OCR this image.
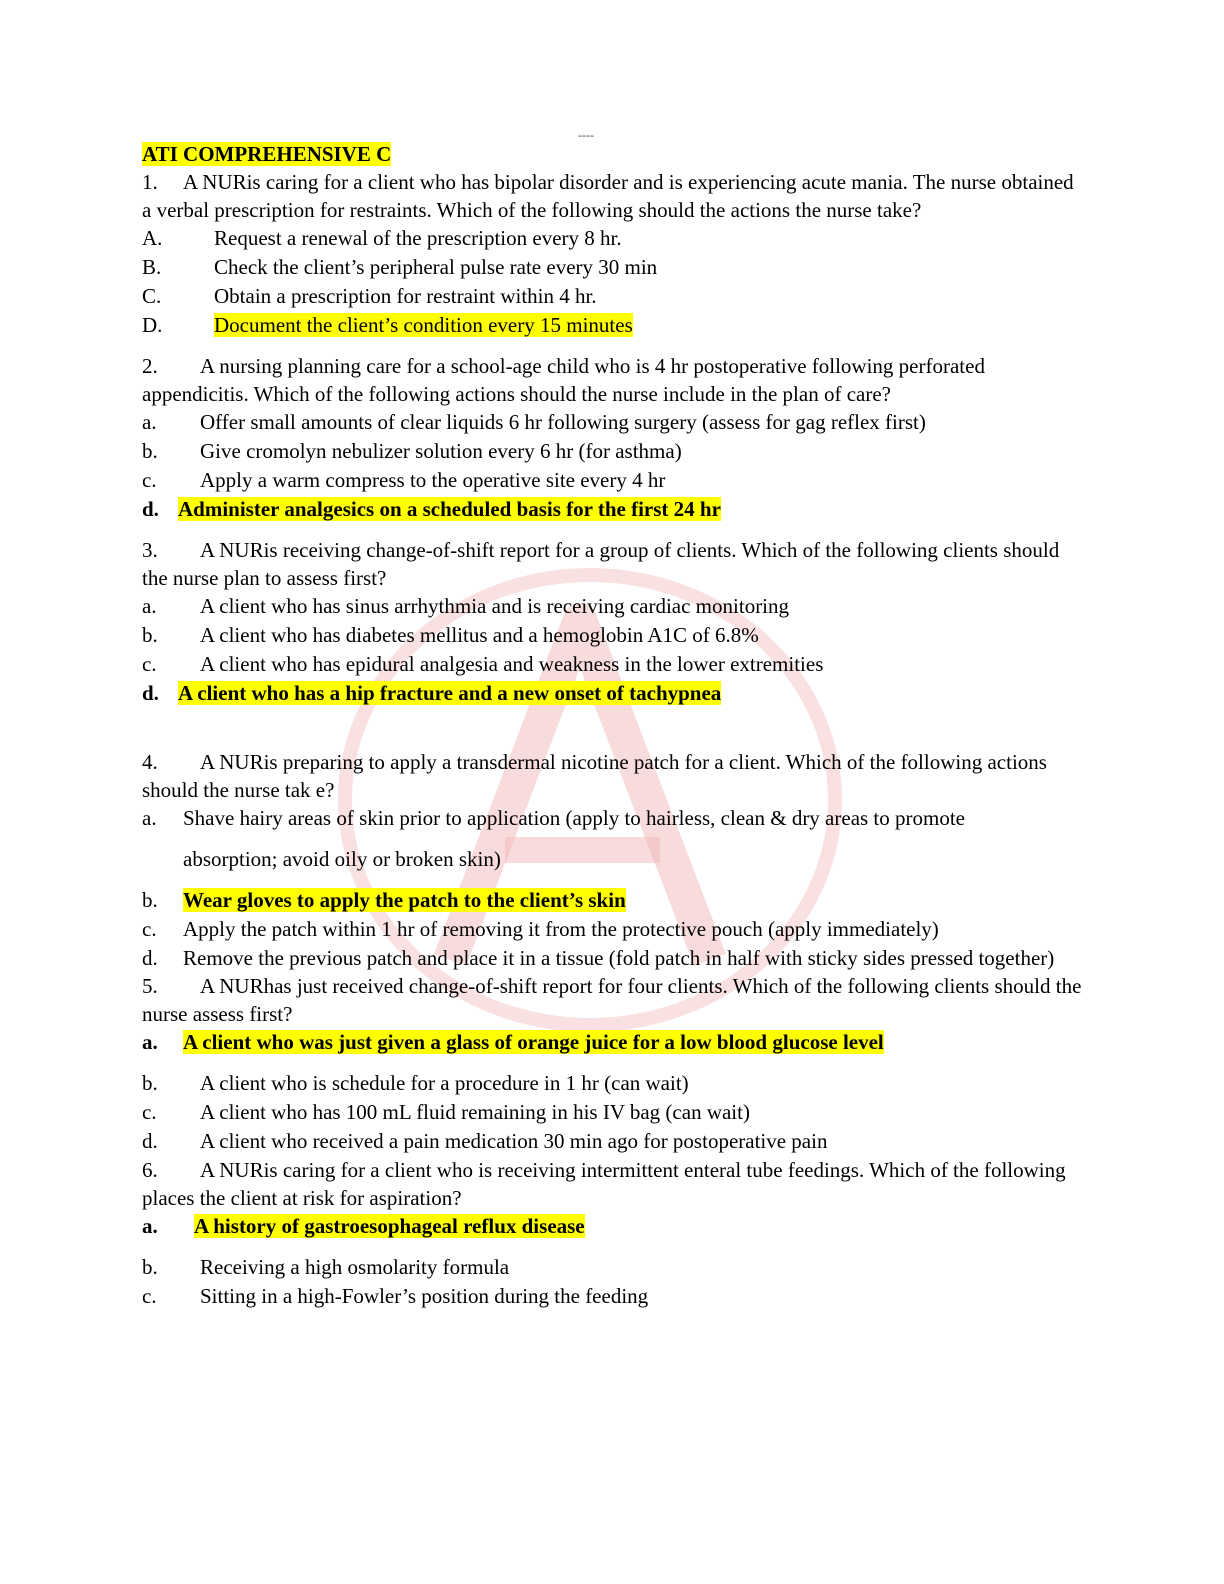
----
ATI COMPREHENSIVE C

1. A NURis caring for a client who has bipolar disorder and is experiencing acute mania. The nurse obtained a verbal prescription for restraints. Which of the following should the actions the nurse take?

A.	Request a renewal of the prescription every 8 hr.
B.	Check the client’s peripheral pulse rate every 30 min
C.	Obtain a prescription for restraint within 4 hr.
D.	Document the client’s condition every 15 minutes

2. A nursing planning care for a school-age child who is 4 hr postoperative following perforated appendicitis. Which of the following actions should the nurse include in the plan of care?

a.	Offer small amounts of clear liquids 6 hr following surgery (assess for gag reflex first)
b.	Give cromolyn nebulizer solution every 6 hr (for asthma)
c.	Apply a warm compress to the operative site every 4 hr
d. Administer analgesics on a scheduled basis for the first 24 hr

3. A NURis receiving change-of-shift report for a group of clients. Which of the following clients should the nurse plan to assess first?

a.	A client who has sinus arrhythmia and is receiving cardiac monitoring
b.	A client who has diabetes mellitus and a hemoglobin A1C of 6.8%
c.	A client who has epidural analgesia and weakness in the lower extremities
d. A client who has a hip fracture and a new onset of tachypnea

4. A NURis preparing to apply a transdermal nicotine patch for a client. Which of the following actions should the nurse tak e?

a.	Shave hairy areas of skin prior to application (apply to hairless, clean & dry areas to promote
absorption; avoid oily or broken skin)
b.	Wear gloves to apply the patch to the client’s skin
c.	Apply the patch within 1 hr of removing it from the protective pouch (apply immediately)
d.	Remove the previous patch and place it in a tissue (fold patch in half with sticky sides pressed together)

5. A NURhas just received change-of-shift report for four clients. Which of the following clients should the nurse assess first?

a.	A client who was just given a glass of orange juice for a low blood glucose level
b.	A client who is schedule for a procedure in 1 hr (can wait)
c.	A client who has 100 mL fluid remaining in his IV bag (can wait)
d.	A client who received a pain medication 30 min ago for postoperative pain

6. A NURis caring for a client who is receiving intermittent enteral tube feedings. Which of the following places the client at risk for aspiration?

a.	A history of gastroesophageal reflux disease
b.	Receiving a high osmolarity formula
c.	Sitting in a high-Fowler’s position during the feeding
